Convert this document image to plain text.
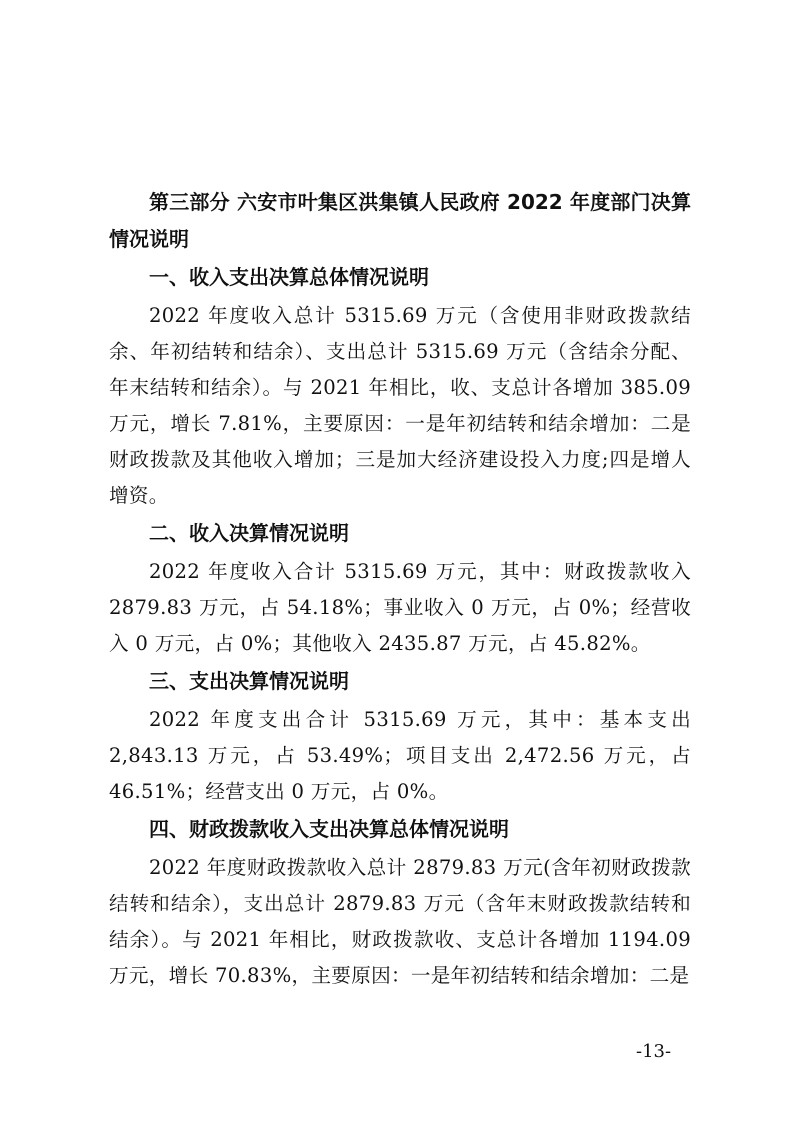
第三部分 六安市叶集区洪集镇人民政府 2022 年度部门决算情况说明
一、收入支出决算总体情况说明

2022 年度收入总计 5315.69 万元（含使用非财政拨款结余、年初结转和结余）、支出总计 5315.69 万元（含结余分配、年末结转和结余）。与 2021 年相比，收、支总计各增加 385.09 万元，增长 7.81%，主要原因：一是年初结转和结余增加：二是财政拨款及其他收入增加；三是加大经济建设投入力度;四是增人增资。

二、收入决算情况说明

2022 年度收入合计 5315.69 万元，其中：财政拨款收入 2879.83 万元，占 54.18%；事业收入 0 万元，占 0%；经营收入 0 万元，占 0%；其他收入 2435.87 万元，占 45.82%。

三、支出决算情况说明

2022 年度支出合计 5315.69 万元，其中：基本支出 2,843.13 万元，占 53.49%；项目支出 2,472.56 万元，占 46.51%；经营支出 0 万元，占 0%。

四、财政拨款收入支出决算总体情况说明

2022 年度财政拨款收入总计 2879.83 万元(含年初财政拨款结转和结余），支出总计 2879.83 万元（含年末财政拨款结转和结余）。与 2021 年相比，财政拨款收、支总计各增加 1194.09 万元，增长 70.83%，主要原因：一是年初结转和结余增加：二是

-13-
